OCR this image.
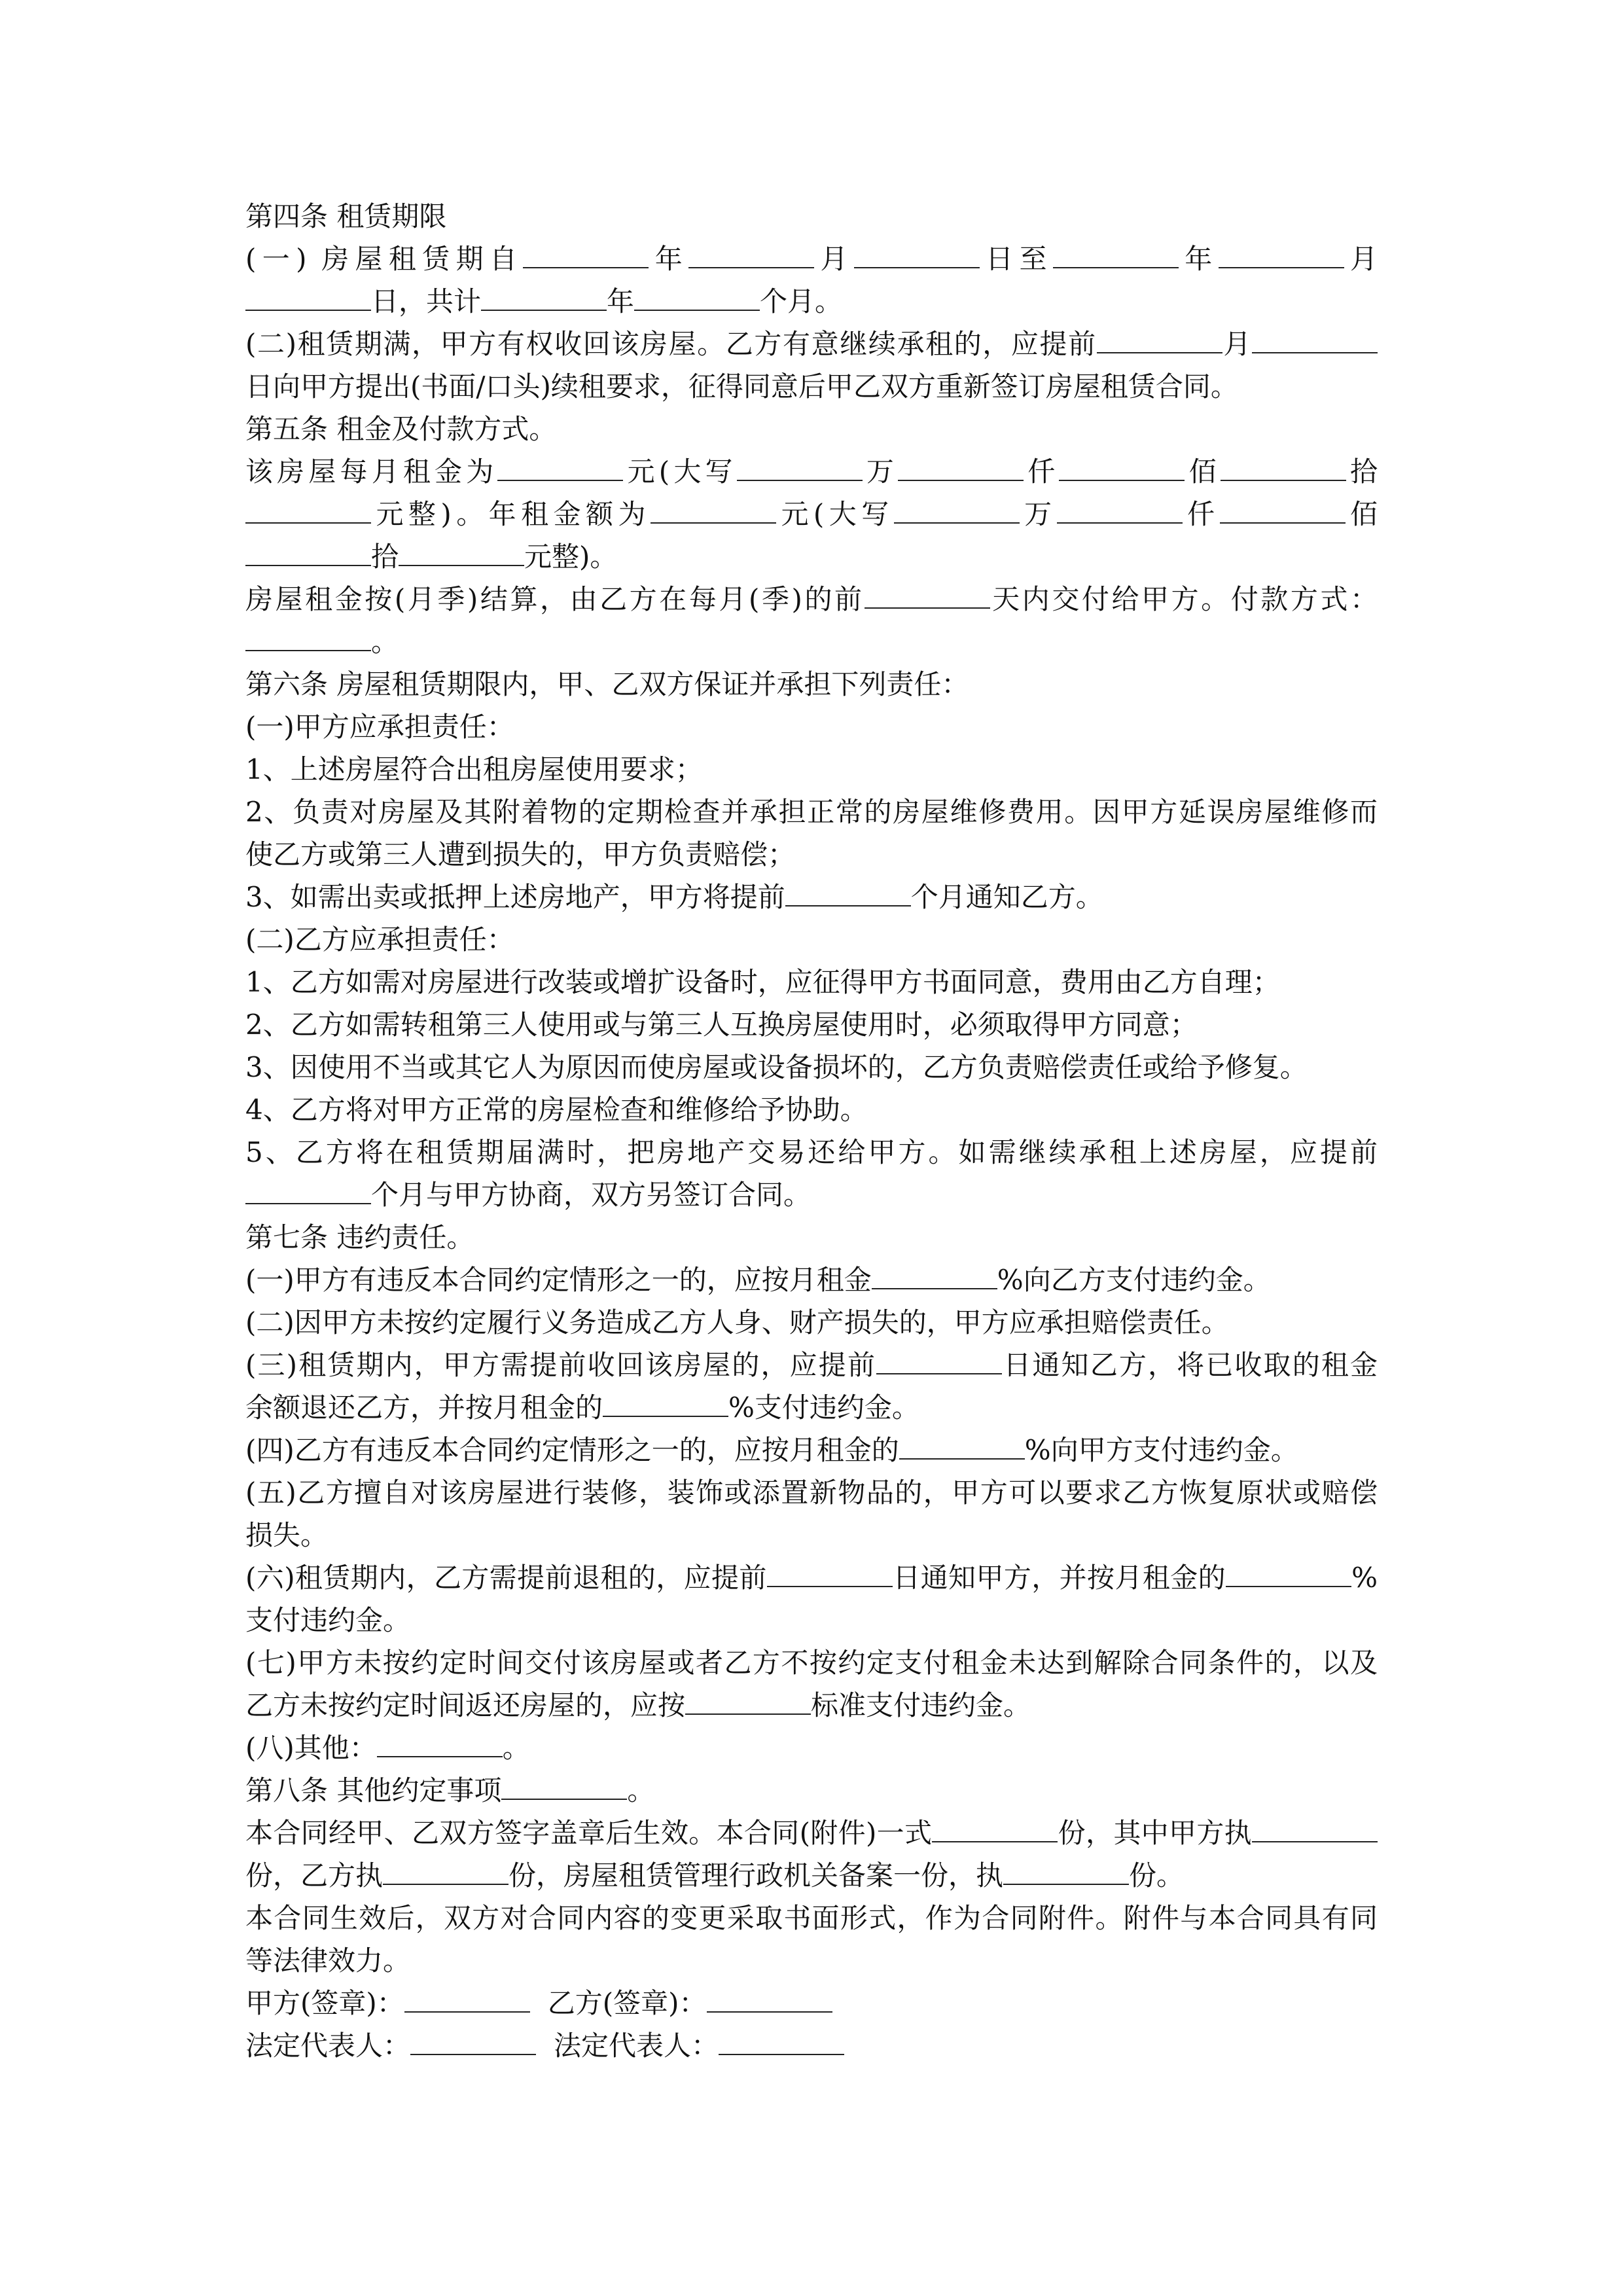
第四条 租赁期限
(一) 房屋租赁期自	年	月	日至	年	月
日，共计	年	个月。
(二)租赁期满，甲方有权收回该房屋。乙方有意继续承租的，应提前	月
日向甲方提出(书面/口头)续租要求，征得同意后甲乙双方重新签订房屋租赁合同。
第五条 租金及付款方式。
该房屋每月租金为	元(大写	万	仟	佰	拾
元整)。年租金额为	元(大写	万	仟	佰
拾	元整)。
房屋租金按(月季)结算，由乙方在每月(季)的前	天内交付给甲方。付款方式：
。
第六条 房屋租赁期限内，甲、乙双方保证并承担下列责任：
(一)甲方应承担责任：
1、上述房屋符合出租房屋使用要求；
2、负责对房屋及其附着物的定期检查并承担正常的房屋维修费用。因甲方延误房屋维修而
使乙方或第三人遭到损失的，甲方负责赔偿；
3、如需出卖或抵押上述房地产，甲方将提前	个月通知乙方。
(二)乙方应承担责任：
1、乙方如需对房屋进行改装或增扩设备时，应征得甲方书面同意，费用由乙方自理；
2、乙方如需转租第三人使用或与第三人互换房屋使用时，必须取得甲方同意；
3、因使用不当或其它人为原因而使房屋或设备损坏的，乙方负责赔偿责任或给予修复。
4、乙方将对甲方正常的房屋检查和维修给予协助。
5、乙方将在租赁期届满时，把房地产交易还给甲方。如需继续承租上述房屋，应提前
个月与甲方协商，双方另签订合同。
第七条 违约责任。
(一)甲方有违反本合同约定情形之一的，应按月租金	%向乙方支付违约金。
(二)因甲方未按约定履行义务造成乙方人身、财产损失的，甲方应承担赔偿责任。
(三)租赁期内，甲方需提前收回该房屋的，应提前	日通知乙方，将已收取的租金
余额退还乙方，并按月租金的	%支付违约金。
(四)乙方有违反本合同约定情形之一的，应按月租金的	%向甲方支付违约金。
(五)乙方擅自对该房屋进行装修，装饰或添置新物品的，甲方可以要求乙方恢复原状或赔偿
损失。
(六)租赁期内，乙方需提前退租的，应提前	日通知甲方，并按月租金的	%
支付违约金。
(七)甲方未按约定时间交付该房屋或者乙方不按约定支付租金未达到解除合同条件的，以及
乙方未按约定时间返还房屋的，应按	标准支付违约金。
(八)其他：	。
第八条 其他约定事项	。
本合同经甲、乙双方签字盖章后生效。本合同(附件)一式	份，其中甲方执
份，乙方执	份，房屋租赁管理行政机关备案一份，执	份。
本合同生效后，双方对合同内容的变更采取书面形式，作为合同附件。附件与本合同具有同
等法律效力。
甲方(签章)：	乙方(签章)：
法定代表人：	法定代表人：
